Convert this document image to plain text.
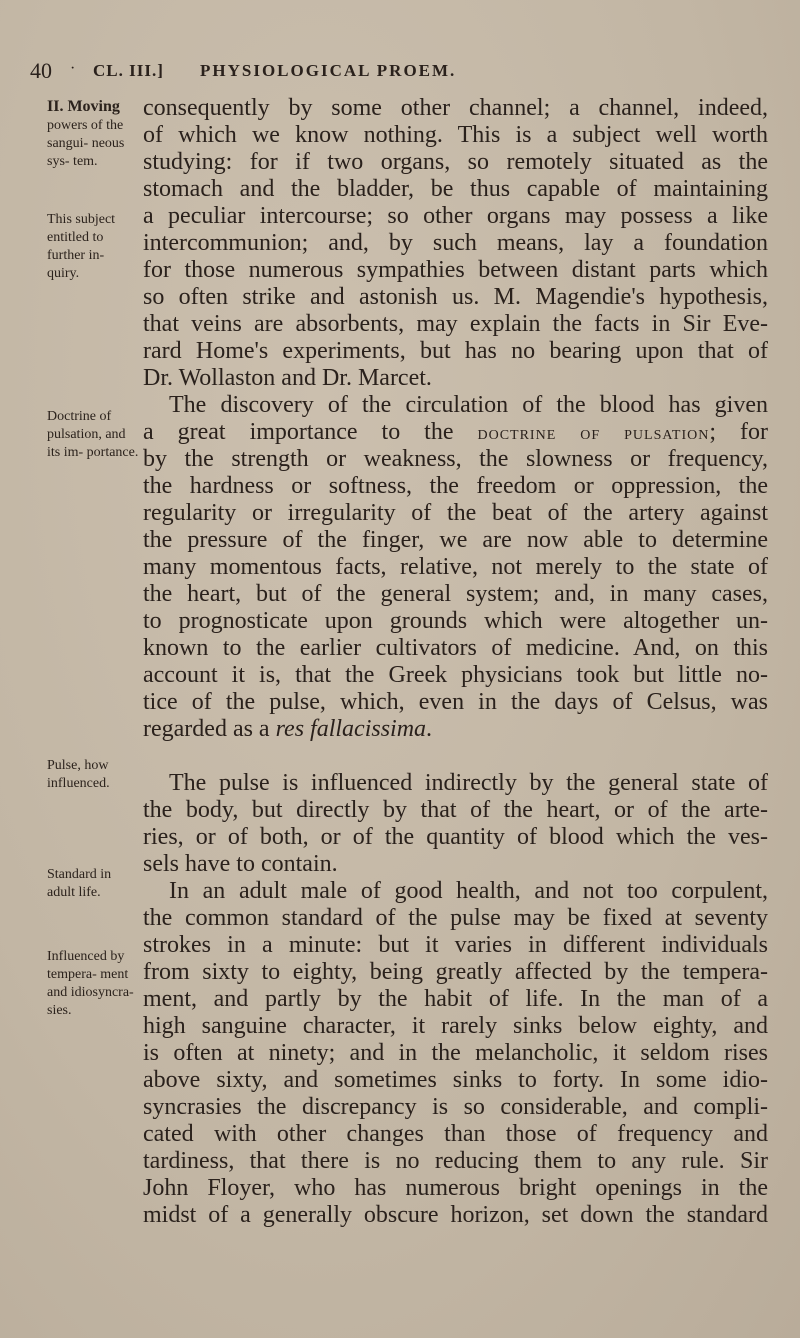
40 · CL. III.] PHYSIOLOGICAL PROEM.
II. Moving
powers of the sangui- neous sys- tem.
This subject entitled to further in- quiry.
Doctrine of pulsation, and its im- portance.
Pulse, how influenced.
Standard in adult life.
Influenced by tempera- ment and idiosyncra- sies.
consequently by some other channel; a channel, indeed,
of which we know nothing. This is a subject well worth
studying: for if two organs, so remotely situated as the
stomach and the bladder, be thus capable of maintaining
a peculiar intercourse; so other organs may possess a like
intercommunion; and, by such means, lay a foundation
for those numerous sympathies between distant parts which
so often strike and astonish us. M. Magendie's hypothesis,
that veins are absorbents, may explain the facts in Sir Eve-
rard Home's experiments, but has no bearing upon that of
Dr. Wollaston and Dr. Marcet.
The discovery of the circulation of the blood has given
a great importance to the doctrine of pulsation; for
by the strength or weakness, the slowness or frequency,
the hardness or softness, the freedom or oppression, the
regularity or irregularity of the beat of the artery against
the pressure of the finger, we are now able to determine
many momentous facts, relative, not merely to the state of
the heart, but of the general system; and, in many cases,
to prognosticate upon grounds which were altogether un-
known to the earlier cultivators of medicine. And, on this
account it is, that the Greek physicians took but little no-
tice of the pulse, which, even in the days of Celsus, was
regarded as a res fallacissima.
The pulse is influenced indirectly by the general state of
the body, but directly by that of the heart, or of the arte-
ries, or of both, or of the quantity of blood which the ves-
sels have to contain.
In an adult male of good health, and not too corpulent,
the common standard of the pulse may be fixed at seventy
strokes in a minute: but it varies in different individuals
from sixty to eighty, being greatly affected by the tempera-
ment, and partly by the habit of life. In the man of a
high sanguine character, it rarely sinks below eighty, and
is often at ninety; and in the melancholic, it seldom rises
above sixty, and sometimes sinks to forty. In some idio-
syncrasies the discrepancy is so considerable, and compli-
cated with other changes than those of frequency and
tardiness, that there is no reducing them to any rule. Sir
John Floyer, who has numerous bright openings in the
midst of a generally obscure horizon, set down the standard
